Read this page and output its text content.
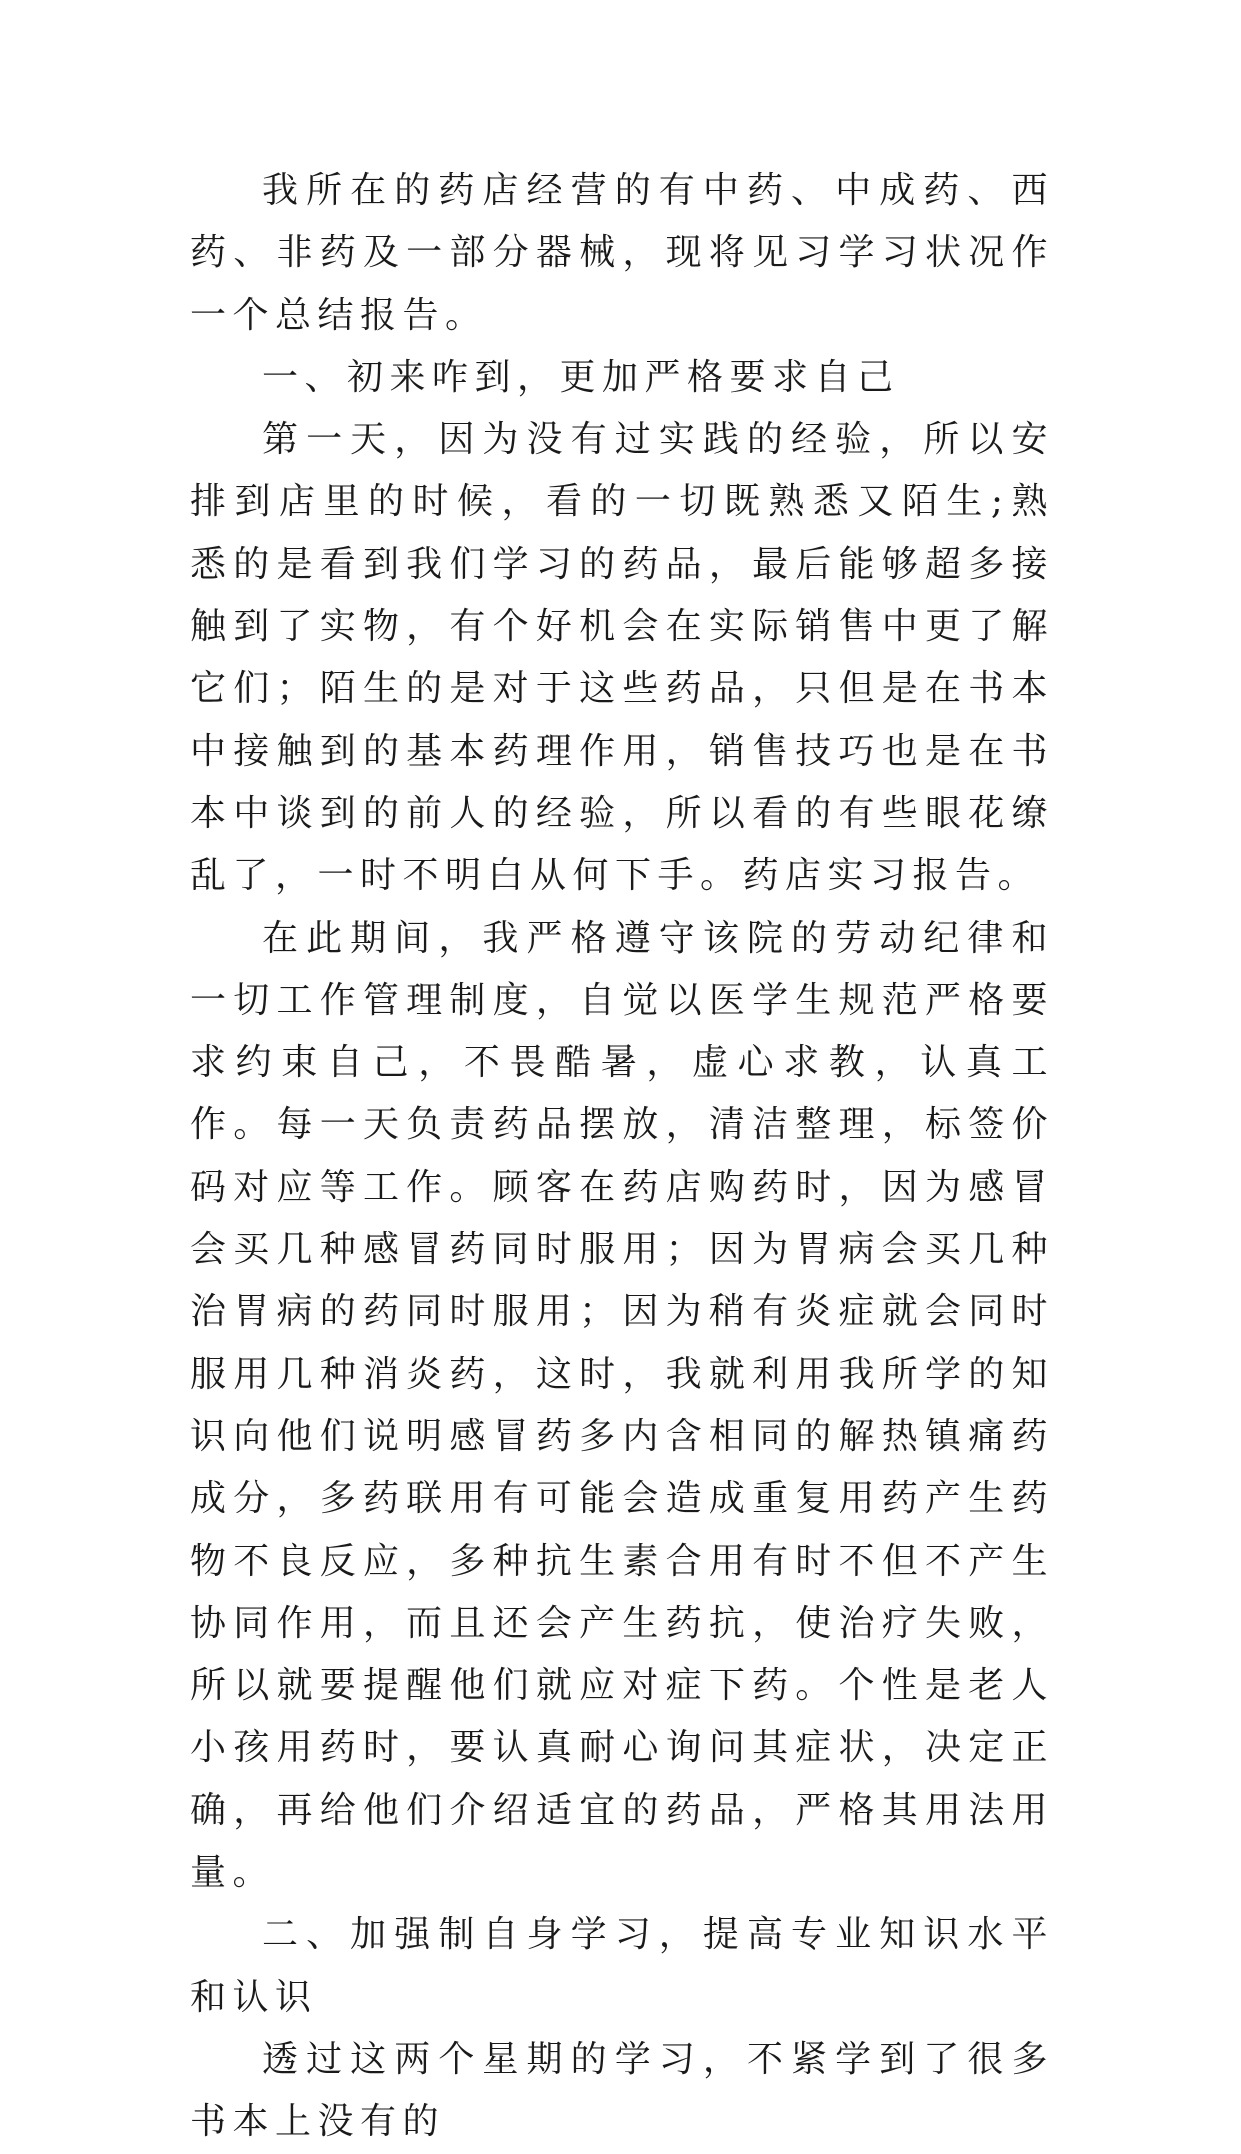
我所在的药店经营的有中药、中成药、西药、非药及一部分器械，现将见习学习状况作一个总结报告。

一、初来咋到，更加严格要求自己

第一天，因为没有过实践的经验，所以安排到店里的时候，看的一切既熟悉又陌生;熟悉的是看到我们学习的药品，最后能够超多接触到了实物，有个好机会在实际销售中更了解它们；陌生的是对于这些药品，只但是在书本中接触到的基本药理作用，销售技巧也是在书本中谈到的前人的经验，所以看的有些眼花缭乱了，一时不明白从何下手。药店实习报告。

在此期间，我严格遵守该院的劳动纪律和一切工作管理制度，自觉以医学生规范严格要求约束自己，不畏酷暑，虚心求教，认真工作。每一天负责药品摆放，清洁整理，标签价码对应等工作。顾客在药店购药时，因为感冒会买几种感冒药同时服用；因为胃病会买几种治胃病的药同时服用；因为稍有炎症就会同时服用几种消炎药，这时，我就利用我所学的知识向他们说明感冒药多内含相同的解热镇痛药成分，多药联用有可能会造成重复用药产生药物不良反应，多种抗生素合用有时不但不产生协同作用，而且还会产生药抗，使治疗失败，所以就要提醒他们就应对症下药。个性是老人小孩用药时，要认真耐心询问其症状，决定正确，再给他们介绍适宜的药品，严格其用法用量。

二、加强制自身学习，提高专业知识水平和认识

透过这两个星期的学习，不紧学到了很多书本上没有的
